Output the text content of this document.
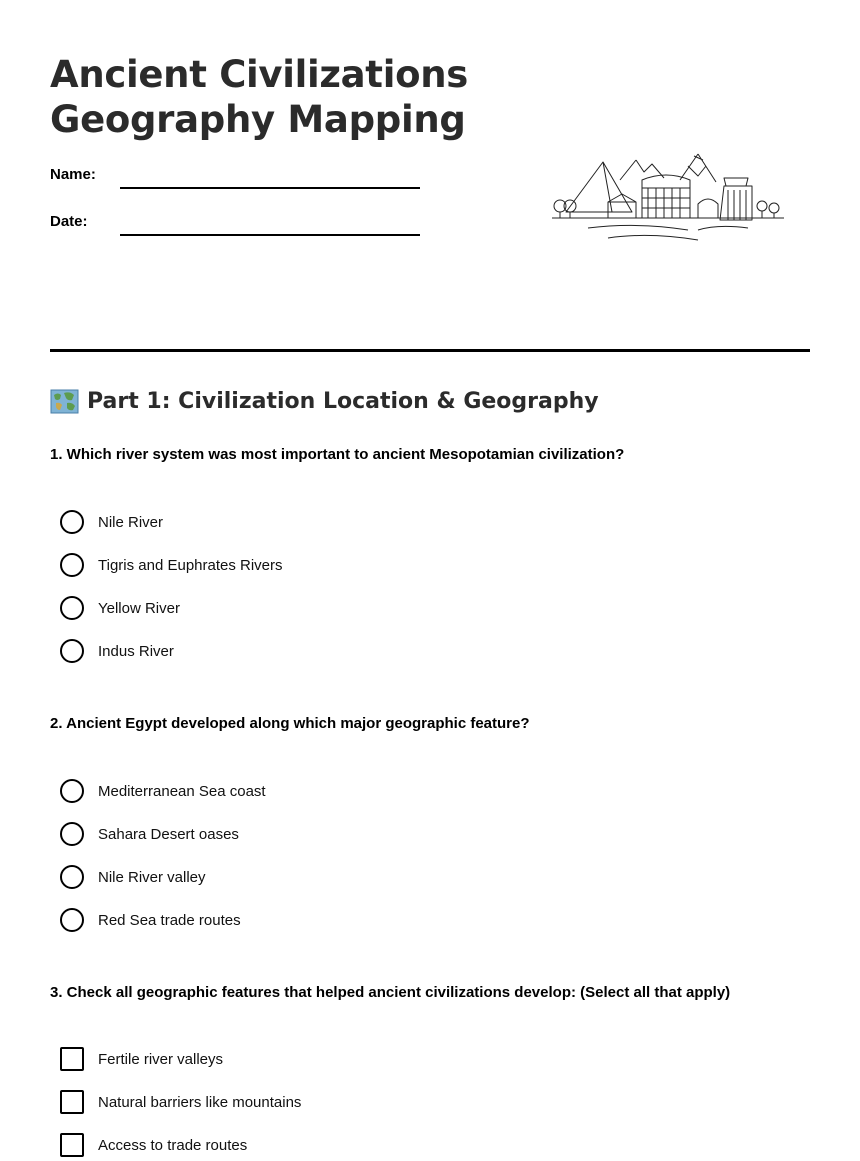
Ancient Civilizations
Geography Mapping
Name:
Date:
Part 1: Civilization Location & Geography
1. Which river system was most important to ancient Mesopotamian civilization?
Nile River
Tigris and Euphrates Rivers
Yellow River
Indus River
2. Ancient Egypt developed along which major geographic feature?
Mediterranean Sea coast
Sahara Desert oases
Nile River valley
Red Sea trade routes
3. Check all geographic features that helped ancient civilizations develop: (Select all that apply)
Fertile river valleys
Natural barriers like mountains
Access to trade routes
